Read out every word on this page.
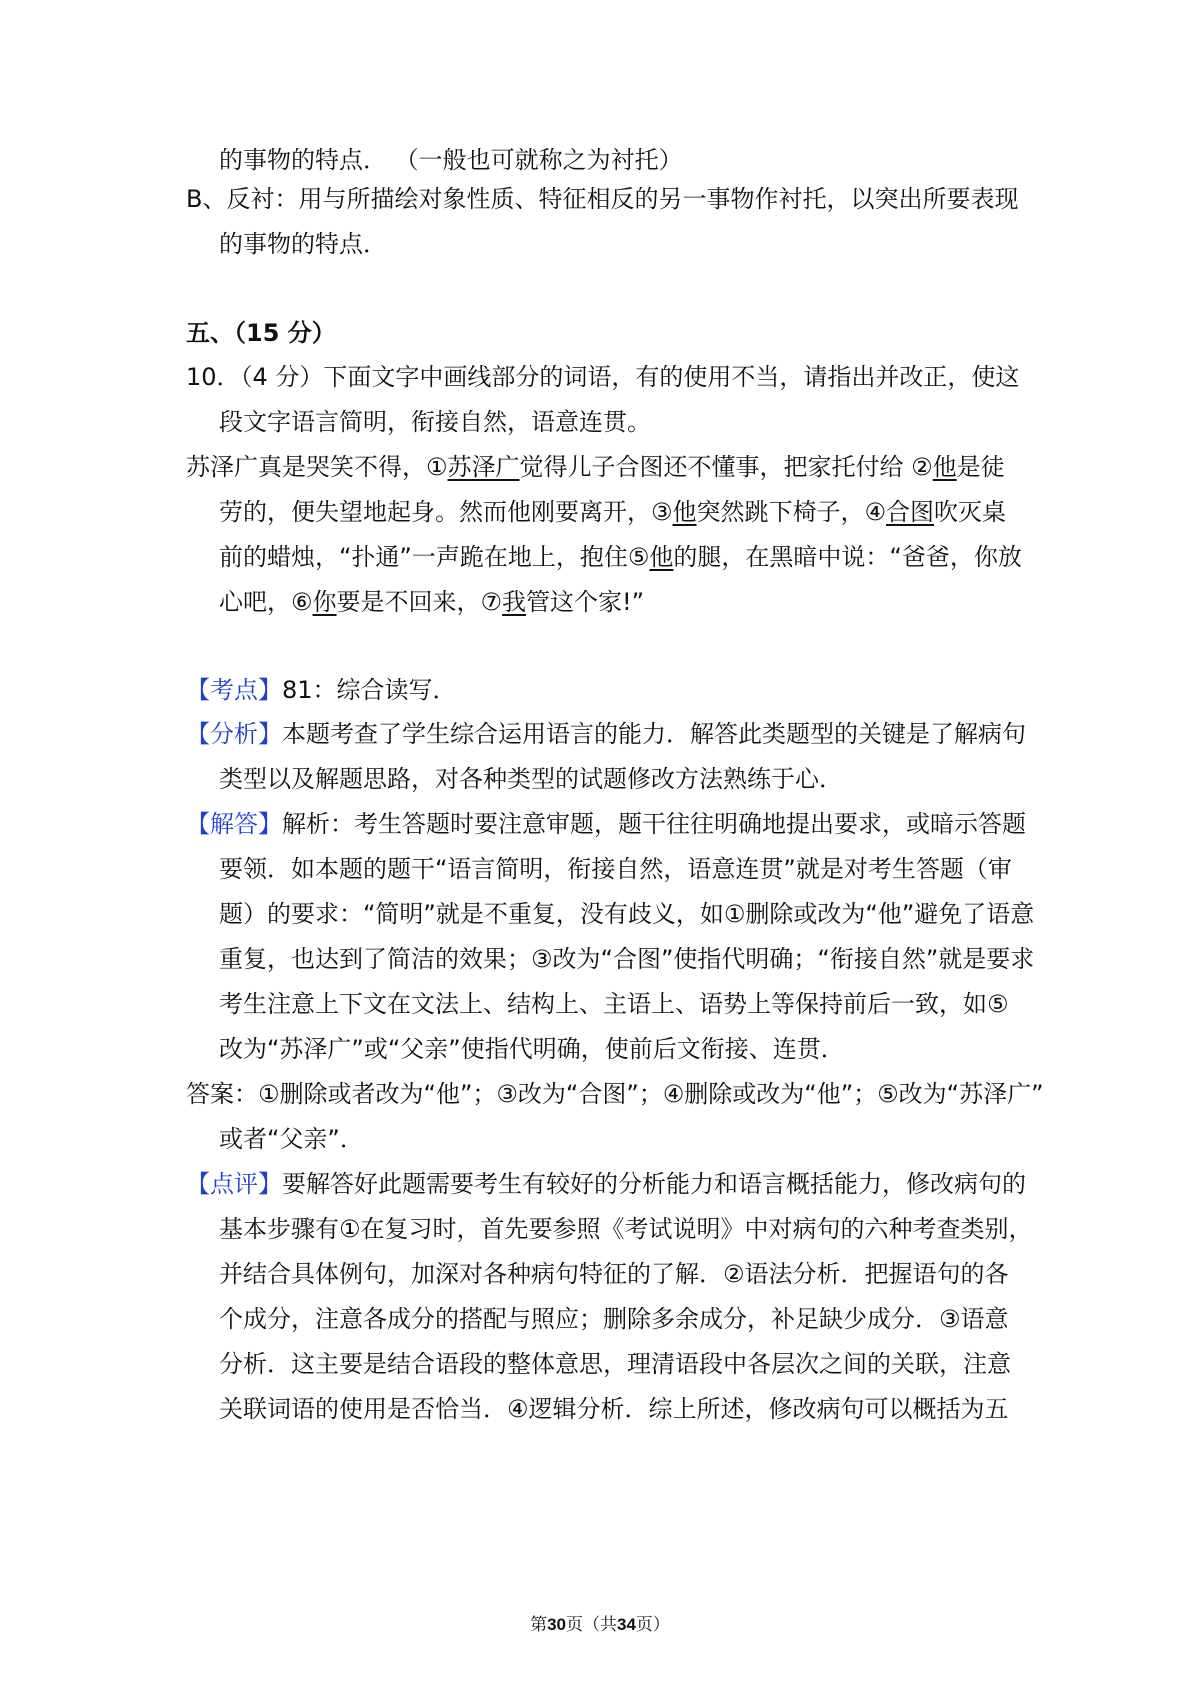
的事物的特点． （一般也可就称之为衬托）
B、反衬：用与所描绘对象性质、特征相反的另一事物作衬托，以突出所要表现
的事物的特点．
五、（15 分）
10．（4 分）下面文字中画线部分的词语，有的使用不当，请指出并改正，使这
段文字语言简明，衔接自然，语意连贯。
苏泽广真是哭笑不得，①苏泽广觉得儿子合图还不懂事，把家托付给 ②他是徒
劳的，便失望地起身。然而他刚要离开，③他突然跳下椅子，④合图吹灭桌
前的蜡烛，“扑通”一声跪在地上，抱住⑤他的腿，在黑暗中说：“爸爸，你放
心吧，⑥你要是不回来，⑦我管这个家!”
【考点】81：综合读写．
【分析】本题考查了学生综合运用语言的能力．解答此类题型的关键是了解病句
类型以及解题思路，对各种类型的试题修改方法熟练于心．
【解答】解析：考生答题时要注意审题，题干往往明确地提出要求，或暗示答题
要领．如本题的题干“语言简明，衔接自然，语意连贯”就是对考生答题（审
题）的要求：“简明”就是不重复，没有歧义，如①删除或改为“他”避免了语意
重复，也达到了简洁的效果；③改为“合图”使指代明确；“衔接自然”就是要求
考生注意上下文在文法上、结构上、主语上、语势上等保持前后一致，如⑤
改为“苏泽广”或“父亲”使指代明确，使前后文衔接、连贯．
答案：①删除或者改为“他”；③改为“合图”；④删除或改为“他”；⑤改为“苏泽广”
或者“父亲”．
【点评】要解答好此题需要考生有较好的分析能力和语言概括能力，修改病句的
基本步骤有①在复习时，首先要参照《考试说明》中对病句的六种考查类别，
并结合具体例句，加深对各种病句特征的了解．②语法分析．把握语句的各
个成分，注意各成分的搭配与照应；删除多余成分，补足缺少成分．③语意
分析．这主要是结合语段的整体意思，理清语段中各层次之间的关联，注意
关联词语的使用是否恰当．④逻辑分析．综上所述，修改病句可以概括为五
第30页（共34页）
